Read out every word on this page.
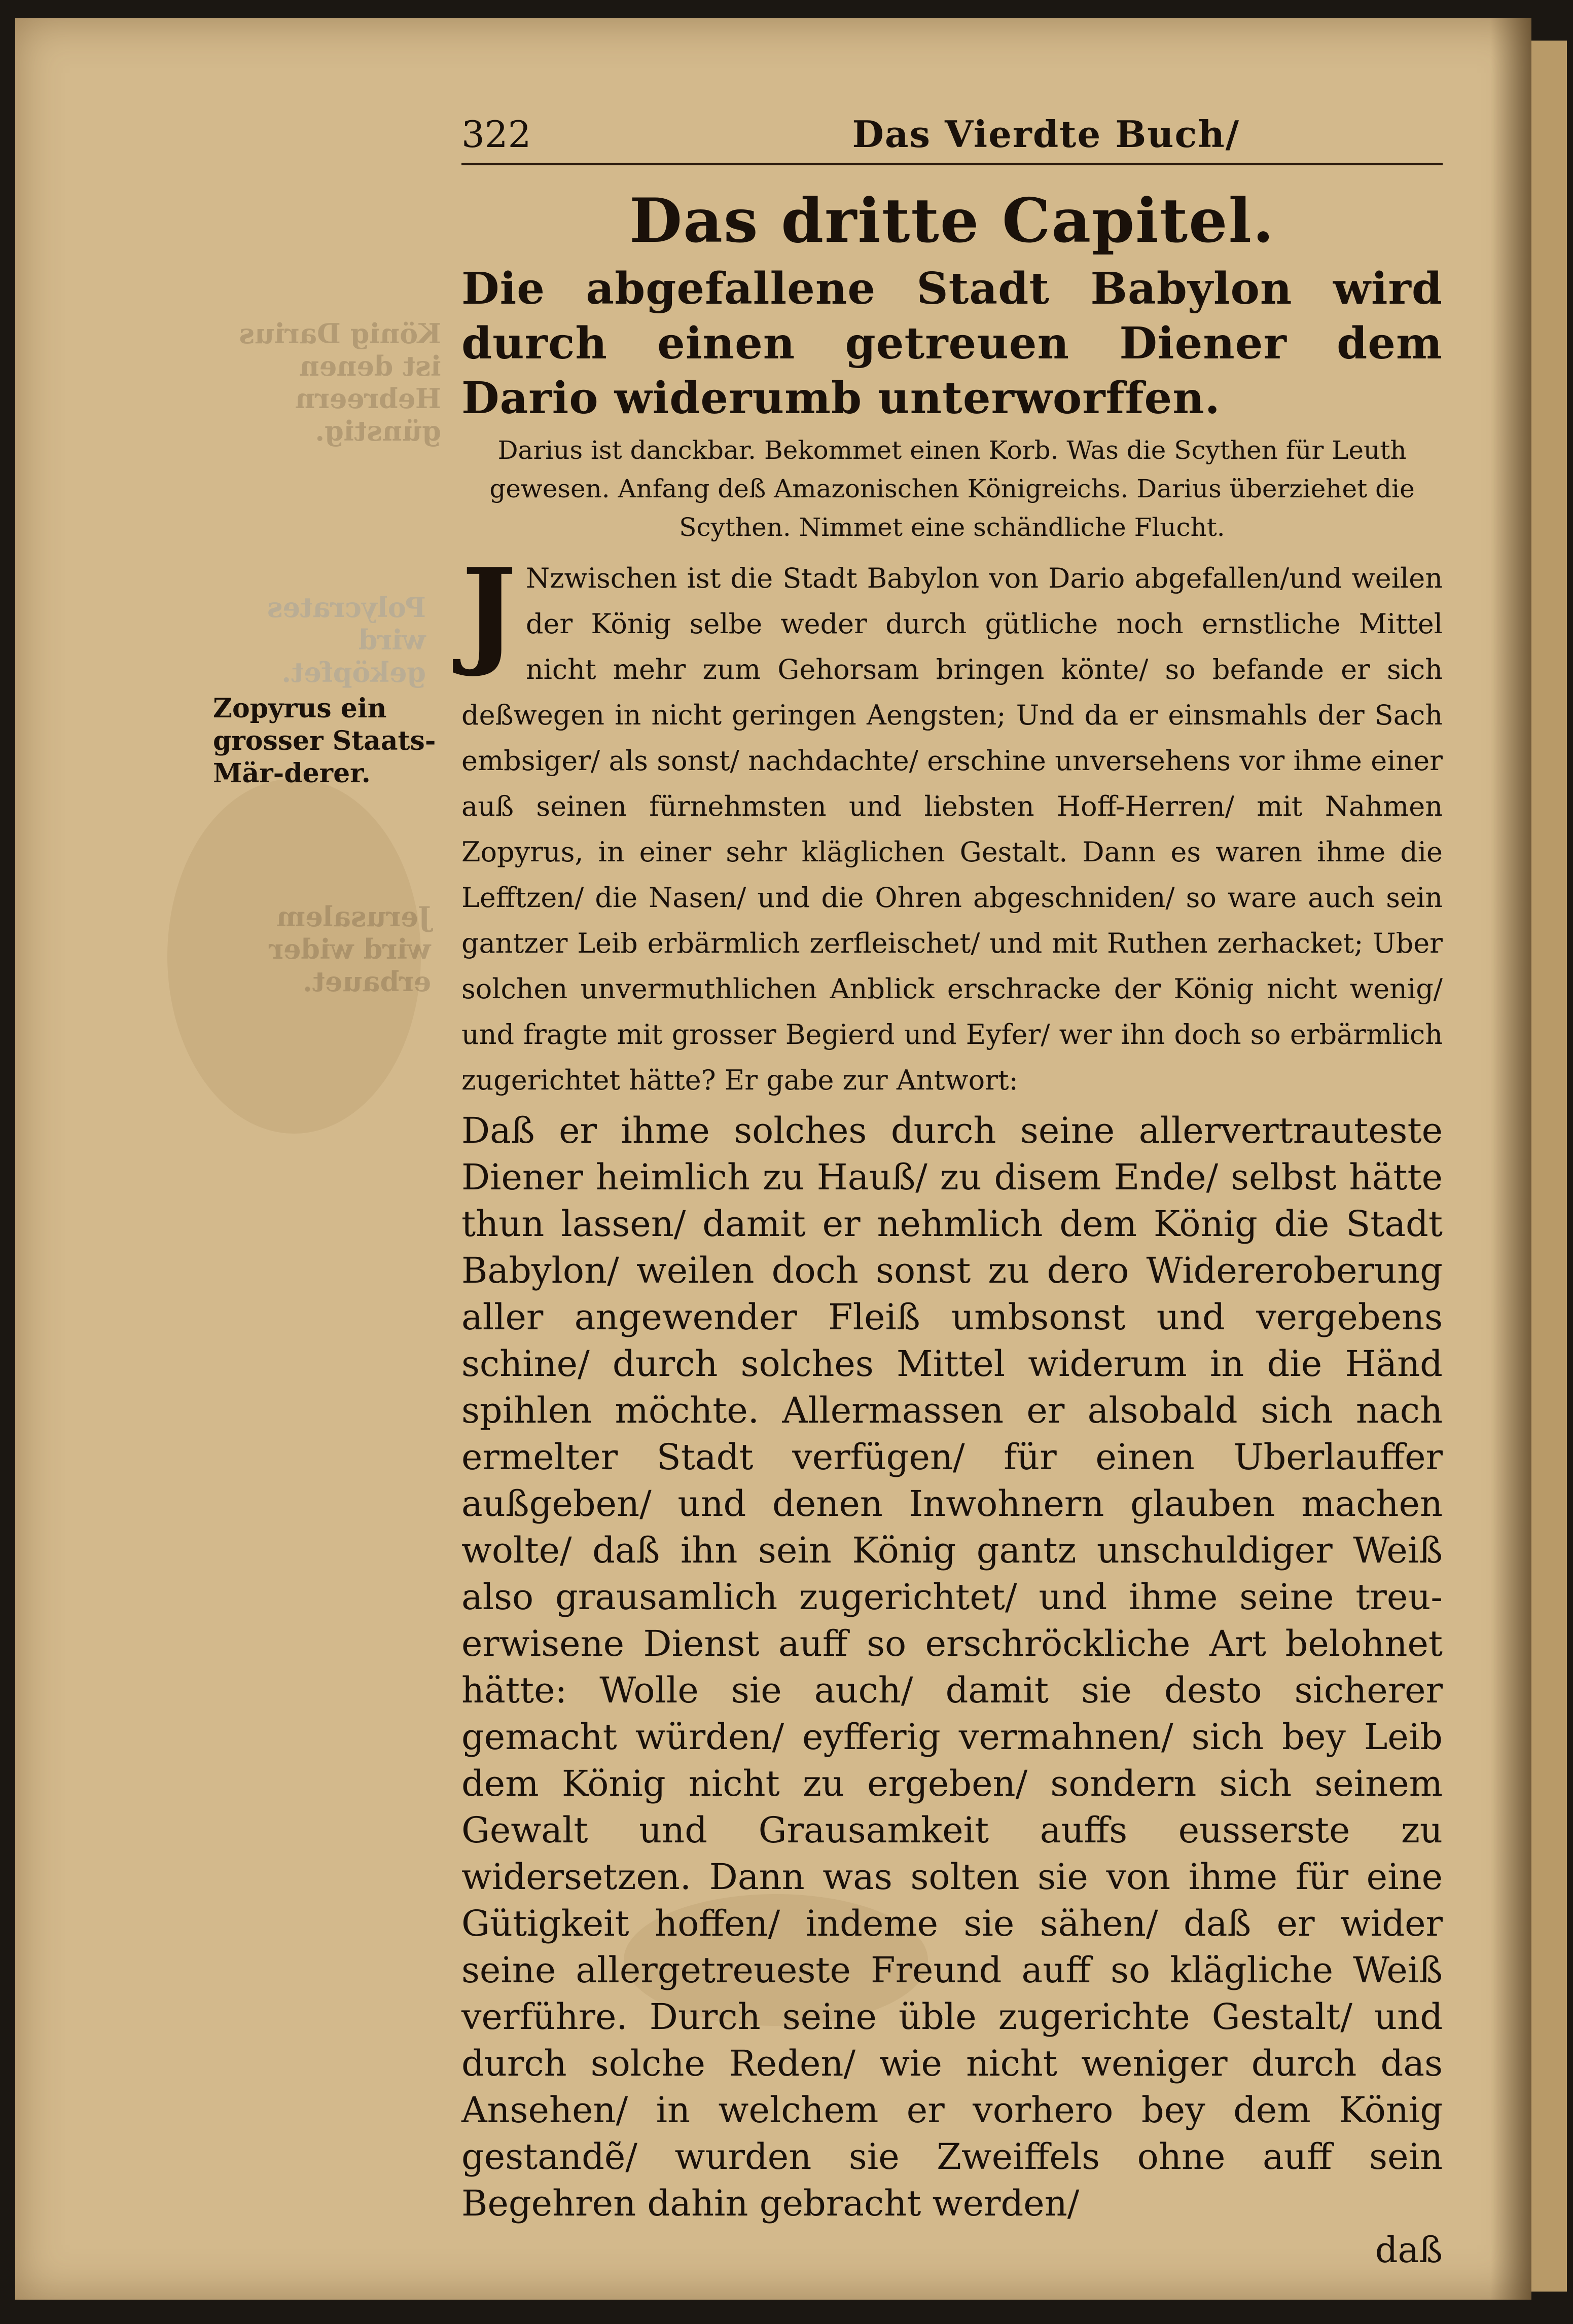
König Darius ist denen Hebreern günstig.
Polycrates wird geköpfet.
Jerusalem wird wider erbauet.
Zopyrus ein grosser Staats-Mär-derer.
322	Das Vierdte Buch/
Das dritte Capitel.
Die abgefallene Stadt Babylon wird durch einen getreuen Diener dem Dario widerumb unterworffen.
Darius ist danckbar. Bekommet einen Korb. Was die Scythen für Leuth gewesen. Anfang deß Amazonischen Königreichs. Darius überziehet die Scythen. Nimmet eine schändliche Flucht.
J Nzwischen ist die Stadt Babylon von Dario abgefallen/und weilen der König selbe weder durch gütliche noch ernstliche Mittel nicht mehr zum Gehorsam bringen könte/ so befande er sich deßwegen in nicht geringen Aengsten; Und da er einsmahls der Sach embsiger/ als sonst/ nachdachte/ erschine unversehens vor ihme einer auß seinen fürnehmsten und liebsten Hoff-Herren/ mit Nahmen Zopyrus, in einer sehr kläglichen Gestalt. Dann es waren ihme die Lefftzen/ die Nasen/ und die Ohren abgeschniden/ so ware auch sein gantzer Leib erbärmlich zerfleischet/ und mit Ruthen zerhacket; Uber solchen unvermuthlichen Anblick erschracke der König nicht wenig/ und fragte mit grosser Begierd und Eyfer/ wer ihn doch so erbärmlich zugerichtet hätte? Er gabe zur Antwort:
Daß er ihme solches durch seine allervertrauteste Diener heimlich zu Hauß/ zu disem Ende/ selbst hätte thun lassen/ damit er nehmlich dem König die Stadt Babylon/ weilen doch sonst zu dero Widereroberung aller angewender Fleiß umbsonst und vergebens schine/ durch solches Mittel widerum in die Händ spihlen möchte. Allermassen er alsobald sich nach ermelter Stadt verfügen/ für einen Uberlauffer außgeben/ und denen Inwohnern glauben machen wolte/ daß ihn sein König gantz unschuldiger Weiß also grausamlich zugerichtet/ und ihme seine treu-erwisene Dienst auff so erschröckliche Art belohnet hätte: Wolle sie auch/ damit sie desto sicherer gemacht würden/ eyfferig vermahnen/ sich bey Leib dem König nicht zu ergeben/ sondern sich seinem Gewalt und Grausamkeit auffs eusserste zu widersetzen. Dann was solten sie von ihme für eine Gütigkeit hoffen/ indeme sie sähen/ daß er wider seine allergetreueste Freund auff so klägliche Weiß verführe. Durch seine üble zugerichte Gestalt/ und durch solche Reden/ wie nicht weniger durch das Ansehen/ in welchem er vorhero bey dem König gestandẽ/ wurden sie Zweiffels ohne auff sein Begehren dahin gebracht werden/
daß
